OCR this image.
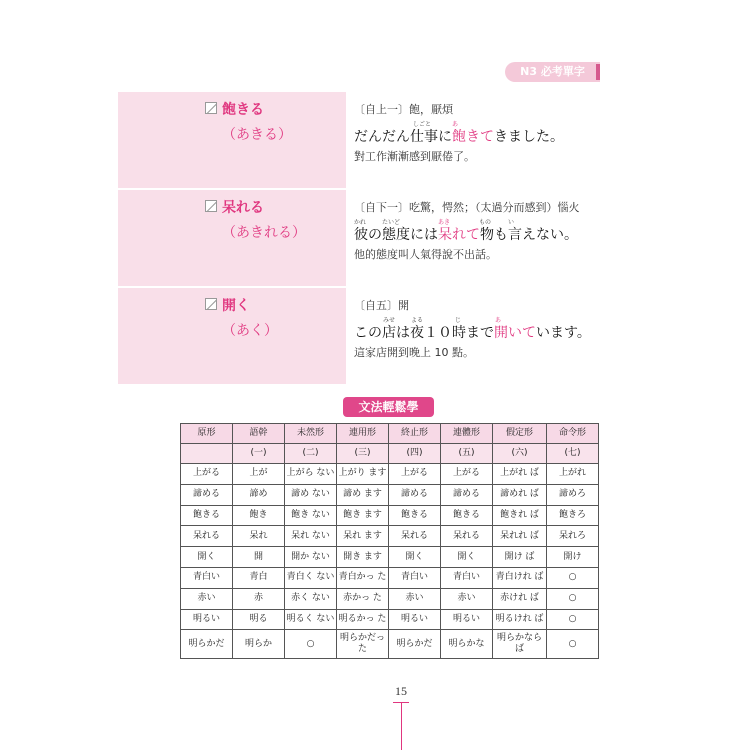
N3 必考單字
飽きる
（あきる）
〔自上一〕飽，厭煩
だんだん仕事に飽きてきました。
しごと	あ
對工作漸漸感到厭倦了。
呆れる
（あきれる）
〔自下一〕吃驚，愕然；（太過分而感到）惱火
彼の態度には呆れて物も言えない。
かれ	たいど	あき	もの	い
他的態度叫人氣得說不出話。
開く
（あく）
〔自五〕開
この店は夜１０時まで開いています。
みせ	よる	じ	あ
這家店開到晚上 10 點。
文法輕鬆學
原形	語幹	未然形	連用形	終止形	連體形	假定形	命令形
	(一)	(二)	(三)	(四)	(五)	(六)	(七)
上がる	上が	上がら ない	上がり ます	上がる	上がる	上がれ ば	上がれ
諦める	諦め	諦め ない	諦め ます	諦める	諦める	諦めれ ば	諦めろ
飽きる	飽き	飽き ない	飽き ます	飽きる	飽きる	飽きれ ば	飽きろ
呆れる	呆れ	呆れ ない	呆れ ます	呆れる	呆れる	呆れれ ば	呆れろ
開く	開	開か ない	開き ます	開く	開く	開け ば	開け
青白い	青白	青白く ない	青白かっ た	青白い	青白い	青白けれ ば	○
赤い	赤	赤く ない	赤かっ た	赤い	赤い	赤けれ ば	○
明るい	明る	明るく ない	明るかっ た	明るい	明るい	明るけれ ば	○
明らかだ	明らか	○	明らかだっ た	明らかだ	明らかな	明らかなら ば	○
15
